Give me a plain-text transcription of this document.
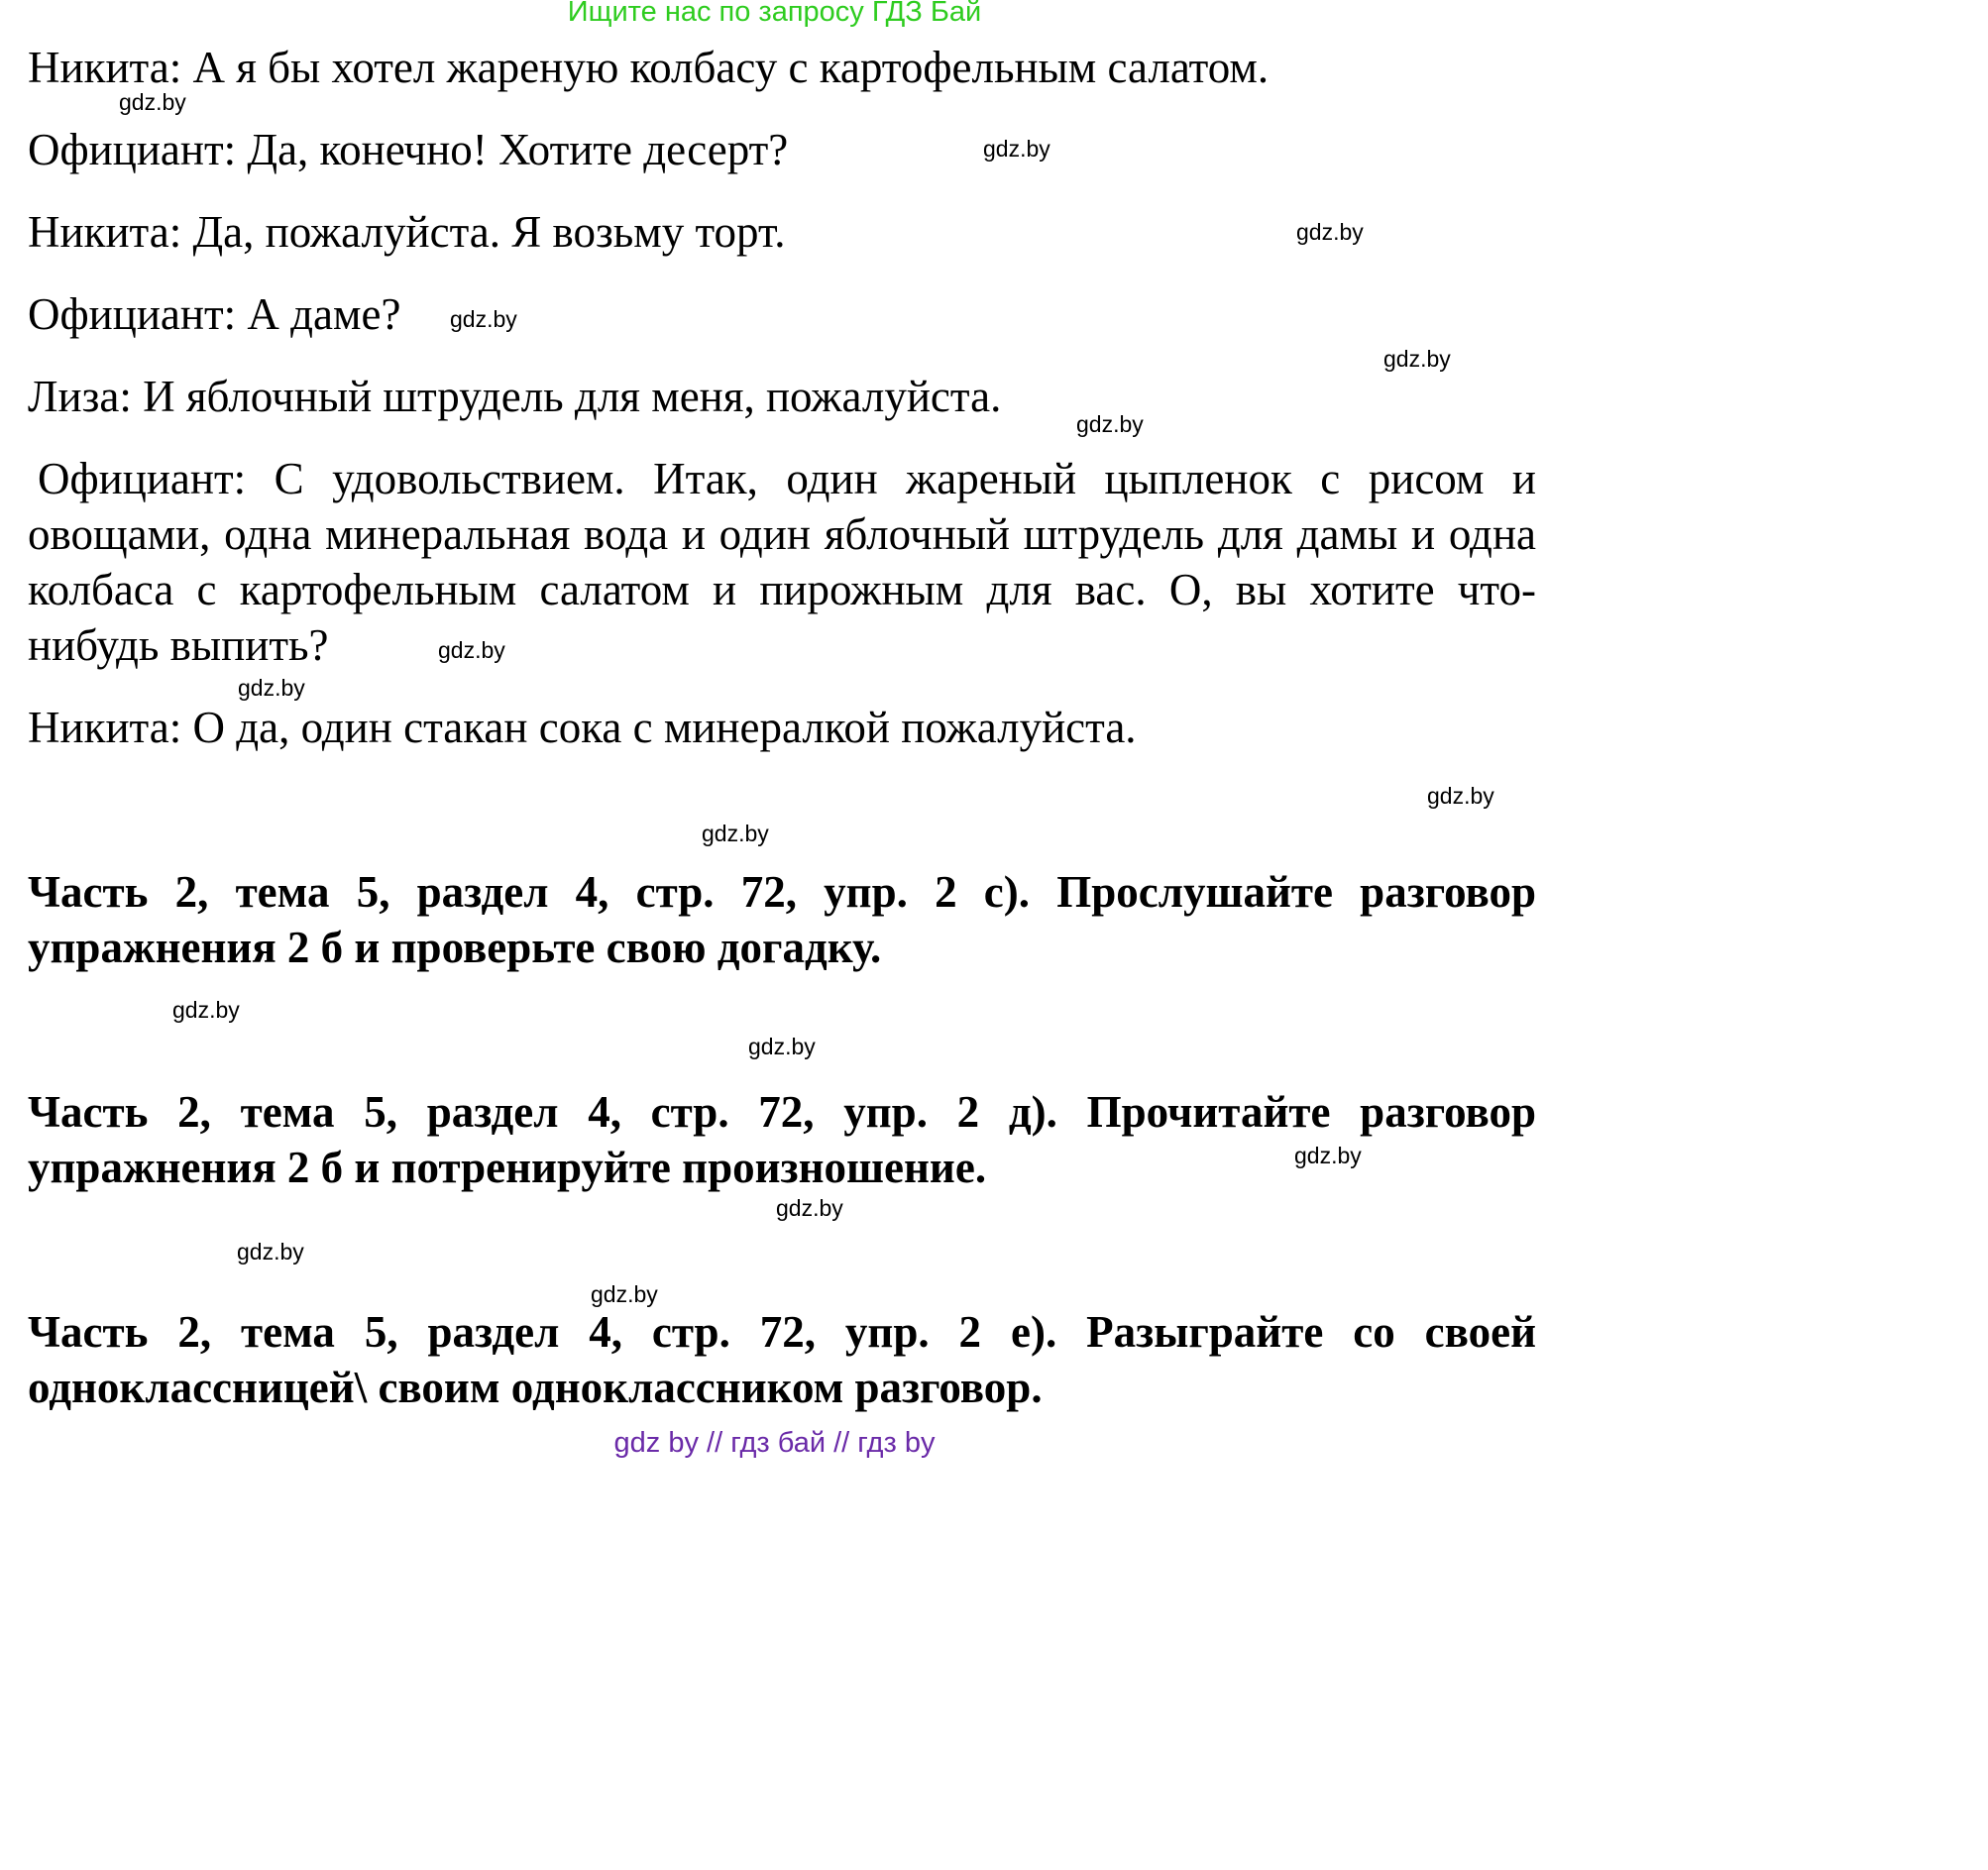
Ищите нас по запросу ГДЗ Бай
Никита: А я бы хотел жареную колбасу с картофельным салатом.
Официант: Да, конечно! Хотите десерт?
Никита: Да, пожалуйста. Я возьму торт.
Официант: А даме?
Лиза: И яблочный штрудель для меня, пожалуйста.
Официант: С удовольствием. Итак, один жареный цыпленок с рисом и овощами, одна минеральная вода и один яблочный штрудель для дамы и одна колбаса с картофельным салатом и пирожным для вас. О, вы хотите что-нибудь выпить?
Никита: О да, один стакан сока с минералкой пожалуйста.
Часть 2, тема 5, раздел 4, стр. 72, упр. 2 с). Прослушайте разговор упражнения 2 б и проверьте свою догадку.
Часть 2, тема 5, раздел 4, стр. 72, упр. 2 д). Прочитайте разговор упражнения 2 б и потренируйте произношение.
Часть 2, тема 5, раздел 4, стр. 72, упр. 2 е). Разыграйте со своей одноклассницей\ своим одноклассником разговор.
gdz.by
gdz.by
gdz.by
gdz.by
gdz.by
gdz.by
gdz.by
gdz.by
gdz.by
gdz.by
gdz.by
gdz.by
gdz.by
gdz.by
gdz.by
gdz.by
gdz by // гдз бай // гдз by
